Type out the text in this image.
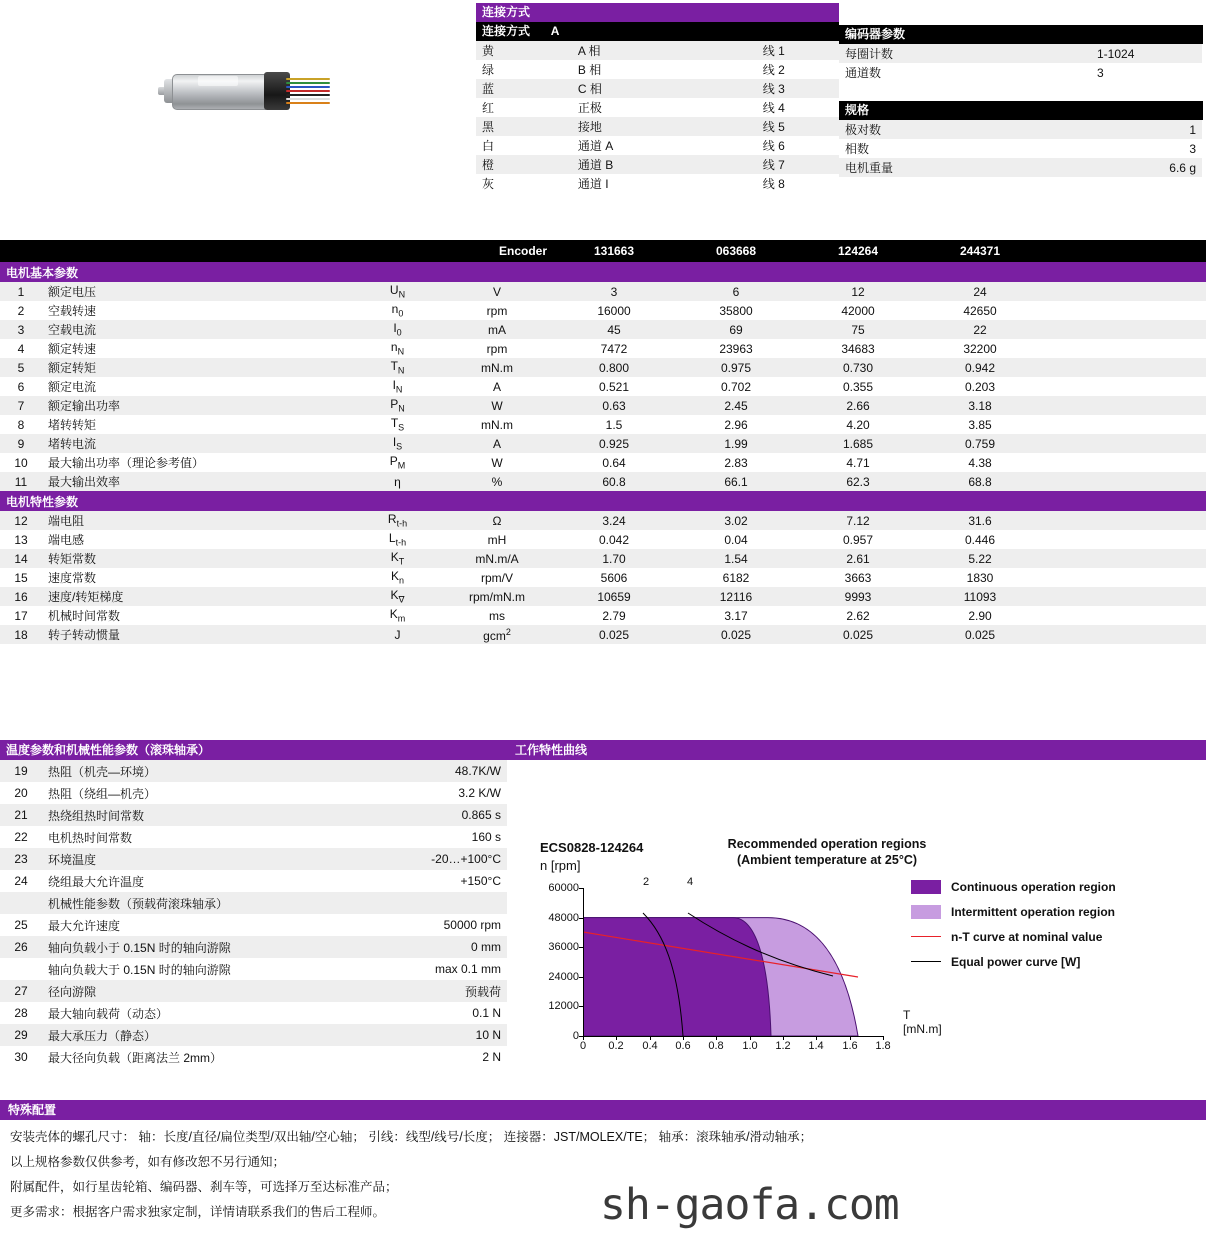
连接方式
连接方式 A
黄	A 相	线 1
绿	B 相	线 2
蓝	C 相	线 3
红	正极	线 4
黑	接地	线 5
白	通道 A	线 6
橙	通道 B	线 7
灰	通道 I	线 8
编码器参数
每圈计数	1-1024
通道数	3
规格
极对数	1
相数	3
电机重量	6.6 g
			Encoder	131663	063668	124264	244371		
电机基本参数									
1	额定电压	$U_N$	V	3	6	12	24		
2	空载转速	$n_0$	rpm	16000	35800	42000	42650		
3	空载电流	$I_0$	mA	45	69	75	22		
4	额定转速	$n_N$	rpm	7472	23963	34683	32200		
5	额定转矩	$T_N$	mN.m	0.800	0.975	0.730	0.942		
6	额定电流	$I_N$	A	0.521	0.702	0.355	0.203		
7	额定输出功率	$P_N$	W	0.63	2.45	2.66	3.18		
8	堵转转矩	$T_S$	mN.m	1.5	2.96	4.20	3.85		
9	堵转电流	$I_S$	A	0.925	1.99	1.685	0.759		
10	最大输出功率（理论参考值）	$P_M$	W	0.64	2.83	4.71	4.38		
11	最大输出效率	η	%	60.8	66.1	62.3	68.8		
电机特性参数									
12	端电阻	$R_{t-h}$	Ω	3.24	3.02	7.12	31.6		
13	端电感	$L_{t-h}$	mH	0.042	0.04	0.957	0.446		
14	转矩常数	$K_T$	mN.m/A	1.70	1.54	2.61	5.22		
15	速度常数	$K_n$	rpm/V	5606	6182	3663	1830		
16	速度/转矩梯度	$K_\nabla$	rpm/mN.m	10659	12116	9993	11093		
17	机械时间常数	$K_m$	ms	2.79	3.17	2.62	2.90		
18	转子转动惯量	J	gcm$^2$	0.025	0.025	0.025	0.025		
温度参数和机械性能参数（滚珠轴承）
19	热阻（机壳—环境）	48.7K/W
20	热阻（绕组—机壳）	3.2 K/W
21	热绕组热时间常数	0.865 s
22	电机热时间常数	160 s
23	环境温度	-20…+100°C
24	绕组最大允许温度	+150°C
	机械性能参数（预载荷滚珠轴承）	
25	最大允许速度	50000 rpm
26	轴向负载小于 0.15N 时的轴向游隙	0 mm
	轴向负载大于 0.15N 时的轴向游隙	max 0.1 mm
27	径向游隙	预载荷
28	最大轴向载荷（动态）	0.1 N
29	最大承压力（静态）	10 N
30	最大径向负载（距离法兰 2mm）	2 N
工作特性曲线
ECS0828-124264
n [rpm]
Recommended operation regions
(Ambient temperature at 25°C)
Continuous operation region
Intermittent operation region
n-T curve at nominal value
Equal power curve [W]
0
12000
24000
36000
48000
60000
0 0.2 0.4 0.6 0.8 1.0 1.2 1.4 1.6 1.8
2	4
T [mN.m]
特殊配置
安装壳体的螺孔尺寸： 轴：长度/直径/扁位类型/双出轴/空心轴； 引线：线型/线号/长度； 连接器：JST/MOLEX/TE； 轴承：滚珠轴承/滑动轴承；
以上规格参数仅供参考，如有修改恕不另行通知；
附属配件，如行星齿轮箱、编码器、刹车等，可选择万至达标准产品；
更多需求：根据客户需求独家定制，详情请联系我们的售后工程师。	sh-gaofa.com
